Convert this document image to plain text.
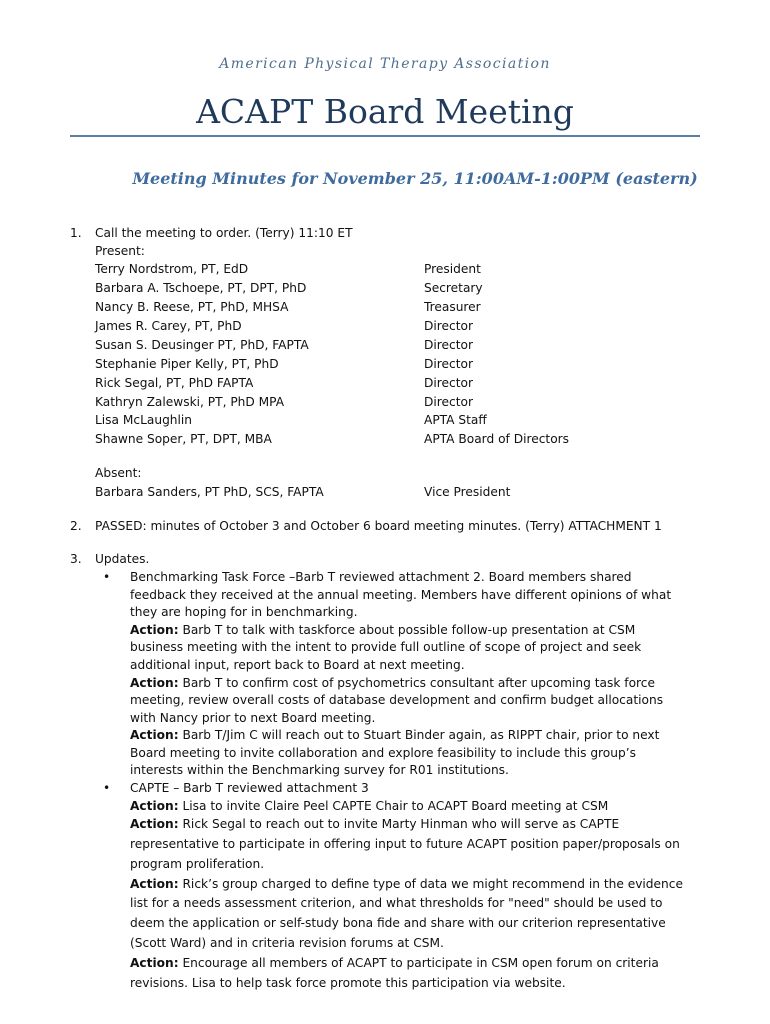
American Physical Therapy Association
ACAPT Board Meeting
Meeting Minutes for November 25, 11:00AM-1:00PM (eastern)
1. Call the meeting to order. (Terry) 11:10 ET
Present:
Terry Nordstrom, PT, EdD	President
Barbara A. Tschoepe, PT, DPT, PhD	Secretary
Nancy B. Reese, PT, PhD, MHSA	Treasurer
James R. Carey, PT, PhD	Director
Susan S. Deusinger PT, PhD, FAPTA	Director
Stephanie Piper Kelly, PT, PhD	Director
Rick Segal, PT, PhD FAPTA	Director
Kathryn Zalewski, PT, PhD MPA	Director
Lisa McLaughlin	APTA Staff
Shawne Soper, PT, DPT, MBA	APTA Board of Directors
Absent:
Barbara Sanders, PT PhD, SCS, FAPTA	Vice President
2. PASSED: minutes of October 3 and October 6 board meeting minutes. (Terry) ATTACHMENT 1
3. Updates.
• Benchmarking Task Force –Barb T reviewed attachment 2. Board members shared feedback they received at the annual meeting. Members have different opinions of what they are hoping for in benchmarking.
Action: Barb T to talk with taskforce about possible follow-up presentation at CSM business meeting with the intent to provide full outline of scope of project and seek additional input, report back to Board at next meeting.
Action: Barb T to confirm cost of psychometrics consultant after upcoming task force meeting, review overall costs of database development and confirm budget allocations with Nancy prior to next Board meeting.
Action: Barb T/Jim C will reach out to Stuart Binder again, as RIPPT chair, prior to next Board meeting to invite collaboration and explore feasibility to include this group’s interests within the Benchmarking survey for R01 institutions.
• CAPTE – Barb T reviewed attachment 3
Action: Lisa to invite Claire Peel CAPTE Chair to ACAPT Board meeting at CSM
Action: Rick Segal to reach out to invite Marty Hinman who will serve as CAPTE representative to participate in offering input to future ACAPT position paper/proposals on program proliferation.
Action: Rick’s group charged to define type of data we might recommend in the evidence list for a needs assessment criterion, and what thresholds for "need" should be used to deem the application or self-study bona fide and share with our criterion representative (Scott Ward) and in criteria revision forums at CSM.
Action: Encourage all members of ACAPT to participate in CSM open forum on criteria revisions. Lisa to help task force promote this participation via website.
